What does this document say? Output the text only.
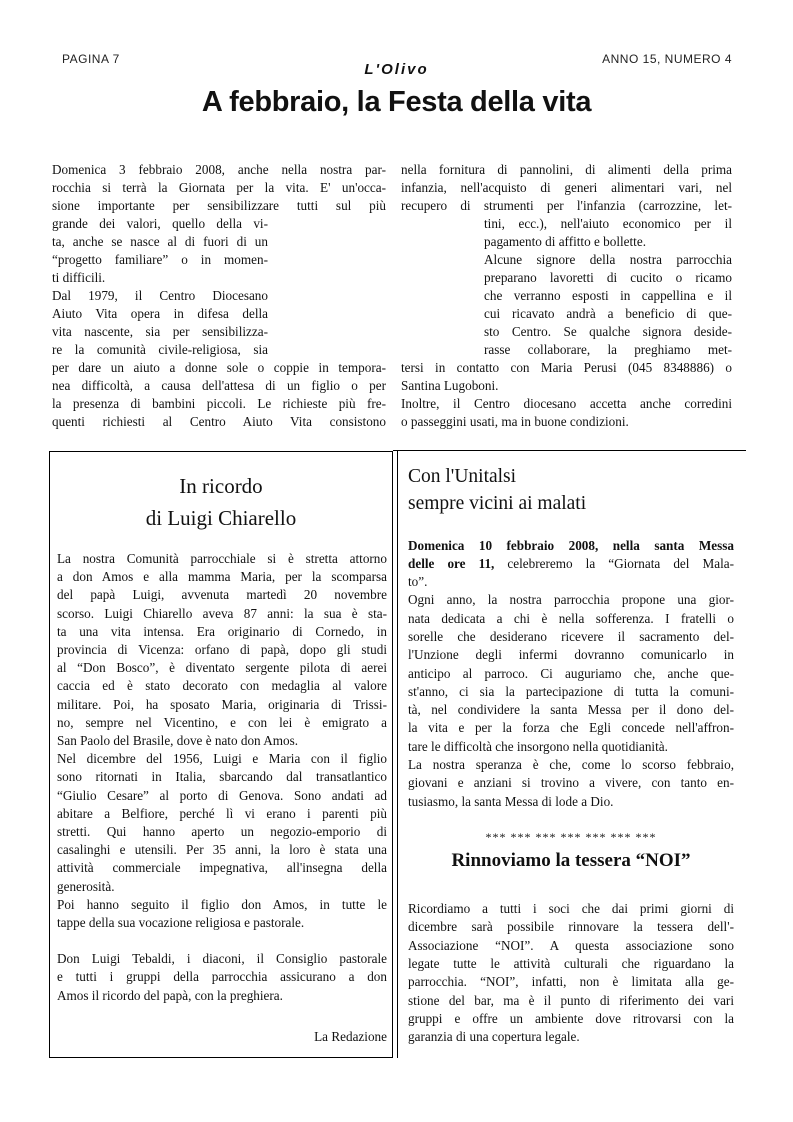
PAGINA 7
L'Olivo
ANNO 15, NUMERO 4
A febbraio, la Festa della vita
Domenica 3 febbraio 2008, anche nella nostra par-
rocchia si terrà la Giornata per la vita. E' un'occa-
sione importante per sensibilizzare tutti sul più
grande dei valori, quello della vi-
ta, anche se nasce al di fuori di un
“progetto familiare” o in momen-
ti difficili.
Dal 1979, il Centro Diocesano
Aiuto Vita opera in difesa della
vita nascente, sia per sensibilizza-
re la comunità civile-religiosa, sia
per dare un aiuto a donne sole o coppie in tempora-
nea difficoltà, a causa dell'attesa di un figlio o per
la presenza di bambini piccoli. Le richieste più fre-
quenti richiesti al Centro Aiuto Vita consistono
nella fornitura di pannolini, di alimenti della prima
infanzia, nell'acquisto di generi alimentari vari, nel
recupero di strumenti per l'infanzia (carrozzine, let-
tini, ecc.), nell'aiuto economico per il
pagamento di affitto e bollette.
Alcune signore della nostra parrocchia
preparano lavoretti di cucito o ricamo
che verranno esposti in cappellina e il
cui ricavato andrà a beneficio di que-
sto Centro. Se qualche signora deside-
rasse collaborare, la preghiamo met-
tersi in contatto con Maria Perusi (045 8348886) o
Santina Lugoboni.
Inoltre, il Centro diocesano accetta anche corredini
o passeggini usati, ma in buone condizioni.
In ricordo
di Luigi Chiarello
La nostra Comunità parrocchiale si è stretta attorno
a don Amos e alla mamma Maria, per la scomparsa
del papà Luigi, avvenuta martedì 20 novembre
scorso. Luigi Chiarello aveva 87 anni: la sua è sta-
ta una vita intensa. Era originario di Cornedo, in
provincia di Vicenza: orfano di papà, dopo gli studi
al “Don Bosco”, è diventato sergente pilota di aerei
caccia ed è stato decorato con medaglia al valore
militare. Poi, ha sposato Maria, originaria di Trissi-
no, sempre nel Vicentino, e con lei è emigrato a
San Paolo del Brasile, dove è nato don Amos.
Nel dicembre del 1956, Luigi e Maria con il figlio
sono ritornati in Italia, sbarcando dal transatlantico
“Giulio Cesare” al porto di Genova. Sono andati ad
abitare a Belfiore, perché lì vi erano i parenti più
stretti. Qui hanno aperto un negozio-emporio di
casalinghi e utensili. Per 35 anni, la loro è stata una
attività commerciale impegnativa, all'insegna della
generosità.
Poi hanno seguito il figlio don Amos, in tutte le
tappe della sua vocazione religiosa e pastorale.
Don Luigi Tebaldi, i diaconi, il Consiglio pastorale
e tutti i gruppi della parrocchia assicurano a don
Amos il ricordo del papà, con la preghiera.
La Redazione
Con l'Unitalsi
sempre vicini ai malati
Domenica 10 febbraio 2008, nella santa Messa
delle ore 11, celebreremo la “Giornata del Mala-
to”.
Ogni anno, la nostra parrocchia propone una gior-
nata dedicata a chi è nella sofferenza. I fratelli o
sorelle che desiderano ricevere il sacramento del-
l'Unzione degli infermi dovranno comunicarlo in
anticipo al parroco. Ci auguriamo che, anche que-
st'anno, ci sia la partecipazione di tutta la comuni-
tà, nel condividere la santa Messa per il dono del-
la vita e per la forza che Egli concede nell'affron-
tare le difficoltà che insorgono nella quotidianità.
La nostra speranza è che, come lo scorso febbraio,
giovani e anziani si trovino a vivere, con tanto en-
tusiasmo, la santa Messa di lode a Dio.
*** *** *** *** *** *** ***
Rinnoviamo la tessera “NOI”
Ricordiamo a tutti i soci che dai primi giorni di
dicembre sarà possibile rinnovare la tessera dell'-
Associazione “NOI”. A questa associazione sono
legate tutte le attività culturali che riguardano la
parrocchia. “NOI”, infatti, non è limitata alla ge-
stione del bar, ma è il punto di riferimento dei vari
gruppi e offre un ambiente dove ritrovarsi con la
garanzia di una copertura legale.
